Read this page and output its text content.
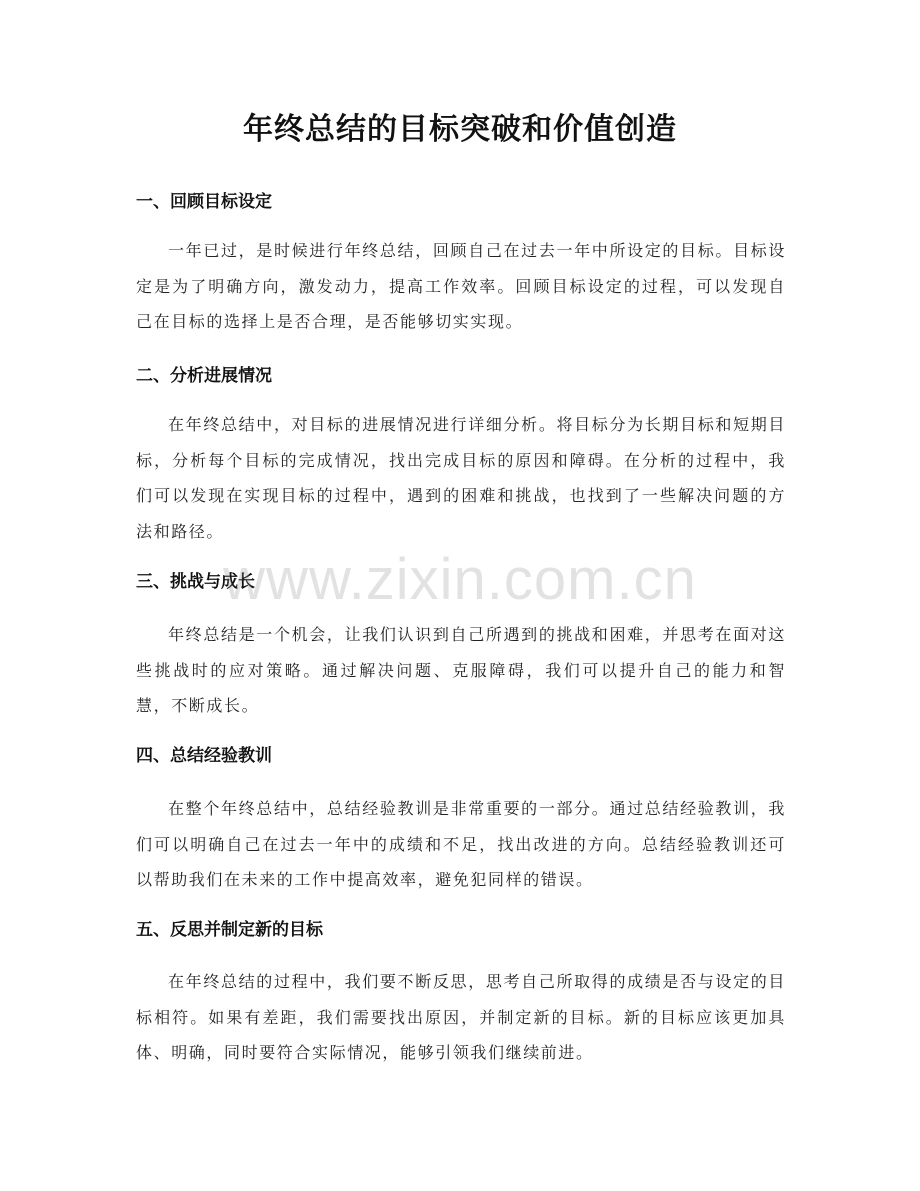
年终总结的目标突破和价值创造
一、回顾目标设定
一年已过，是时候进行年终总结，回顾自己在过去一年中所设定的目标。目标设定是为了明确方向，激发动力，提高工作效率。回顾目标设定的过程，可以发现自己在目标的选择上是否合理，是否能够切实实现。
二、分析进展情况
在年终总结中，对目标的进展情况进行详细分析。将目标分为长期目标和短期目标，分析每个目标的完成情况，找出完成目标的原因和障碍。在分析的过程中，我们可以发现在实现目标的过程中，遇到的困难和挑战，也找到了一些解决问题的方法和路径。
三、挑战与成长
年终总结是一个机会，让我们认识到自己所遇到的挑战和困难，并思考在面对这些挑战时的应对策略。通过解决问题、克服障碍，我们可以提升自己的能力和智慧，不断成长。
四、总结经验教训
在整个年终总结中，总结经验教训是非常重要的一部分。通过总结经验教训，我们可以明确自己在过去一年中的成绩和不足，找出改进的方向。总结经验教训还可以帮助我们在未来的工作中提高效率，避免犯同样的错误。
五、反思并制定新的目标
在年终总结的过程中，我们要不断反思，思考自己所取得的成绩是否与设定的目标相符。如果有差距，我们需要找出原因，并制定新的目标。新的目标应该更加具体、明确，同时要符合实际情况，能够引领我们继续前进。
www.zixin.com.cn
